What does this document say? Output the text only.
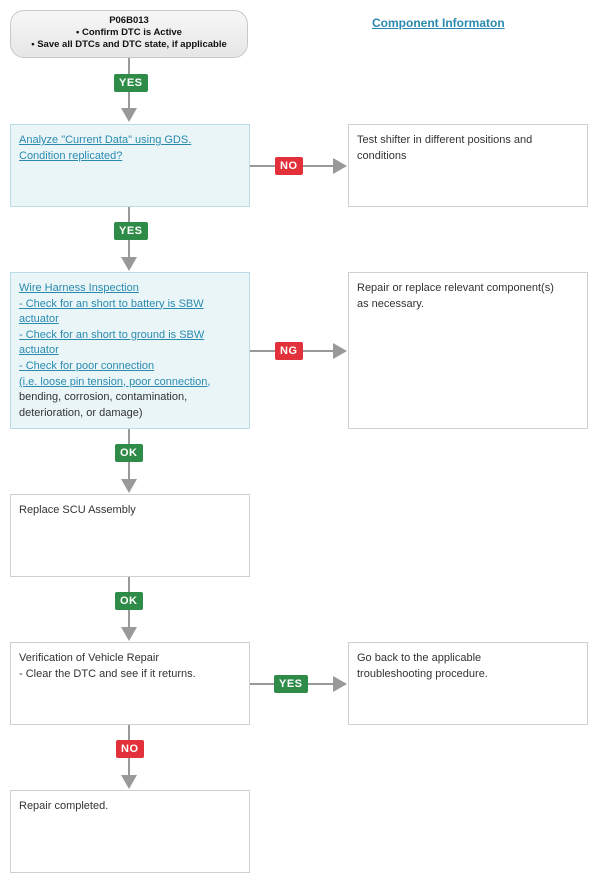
P06B013
• Confirm DTC is Active
• Save all DTCs and DTC state, if applicable
Component Informaton
YES
Analyze "Current Data" using GDS.
Condition replicated?
NO
Test shifter in different positions and
conditions
YES
Wire Harness Inspection
- Check for an short to battery is SBW
actuator
- Check for an short to ground is SBW
actuator
- Check for poor connection
(i.e. loose pin tension, poor connection,
bending, corrosion, contamination,
deterioration, or damage)
NG
Repair or replace relevant component(s)
as necessary.
OK
Replace SCU Assembly
OK
Verification of Vehicle Repair
- Clear the DTC and see if it returns.
YES
Go back to the applicable
troubleshooting procedure.
NO
Repair completed.
